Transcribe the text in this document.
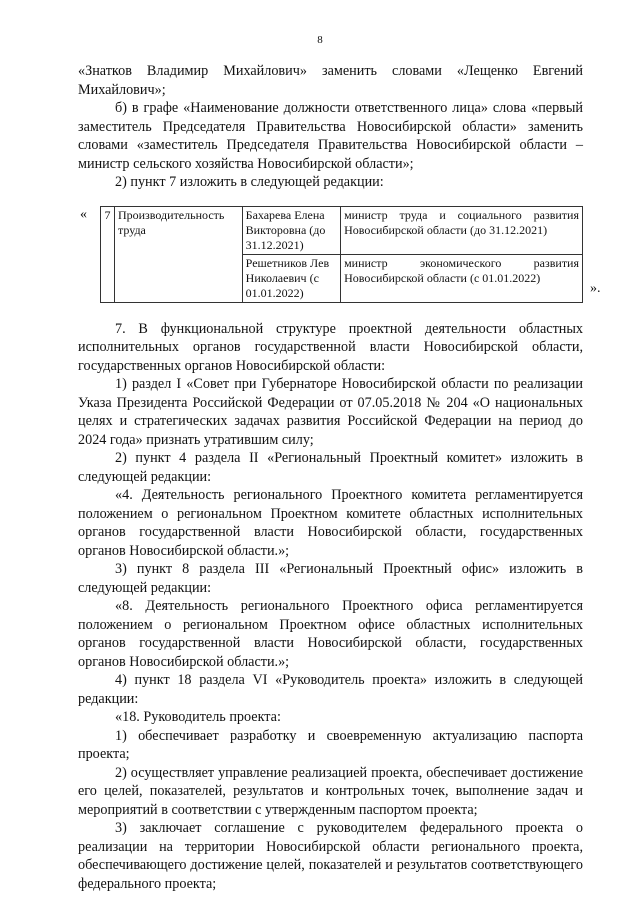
8

«Знатков Владимир Михайлович» заменить словами «Лещенко Евгений Михайлович»;

б) в графе «Наименование должности ответственного лица» слова «первый заместитель Председателя Правительства Новосибирской области» заменить словами «заместитель Председателя Правительства Новосибирской области – министр сельского хозяйства Новосибирской области»;

2) пункт 7 изложить в следующей редакции:

« 7	Производительность труда	Бахарева Елена Викторовна (до 31.12.2021)	министр труда и социального развития Новосибирской области (до 31.12.2021)
		Решетников Лев Николаевич (с 01.01.2022)	министр экономического развития Новосибирской области (с 01.01.2022)
».

7. В функциональной структуре проектной деятельности областных исполнительных органов государственной власти Новосибирской области, государственных органов Новосибирской области:

1) раздел I «Совет при Губернаторе Новосибирской области по реализации Указа Президента Российской Федерации от 07.05.2018 № 204 «О национальных целях и стратегических задачах развития Российской Федерации на период до 2024 года» признать утратившим силу;

2) пункт 4 раздела II «Региональный Проектный комитет» изложить в следующей редакции:

«4. Деятельность регионального Проектного комитета регламентируется положением о региональном Проектном комитете областных исполнительных органов государственной власти Новосибирской области, государственных органов Новосибирской области.»;

3) пункт 8 раздела III «Региональный Проектный офис» изложить в следующей редакции:

«8. Деятельность регионального Проектного офиса регламентируется положением о региональном Проектном офисе областных исполнительных органов государственной власти Новосибирской области, государственных органов Новосибирской области.»;

4) пункт 18 раздела VI «Руководитель проекта» изложить в следующей редакции:

«18. Руководитель проекта:

1) обеспечивает разработку и своевременную актуализацию паспорта проекта;

2) осуществляет управление реализацией проекта, обеспечивает достижение его целей, показателей, результатов и контрольных точек, выполнение задач и мероприятий в соответствии с утвержденным паспортом проекта;

3) заключает соглашение с руководителем федерального проекта о реализации на территории Новосибирской области регионального проекта, обеспечивающего достижение целей, показателей и результатов соответствующего федерального проекта;
